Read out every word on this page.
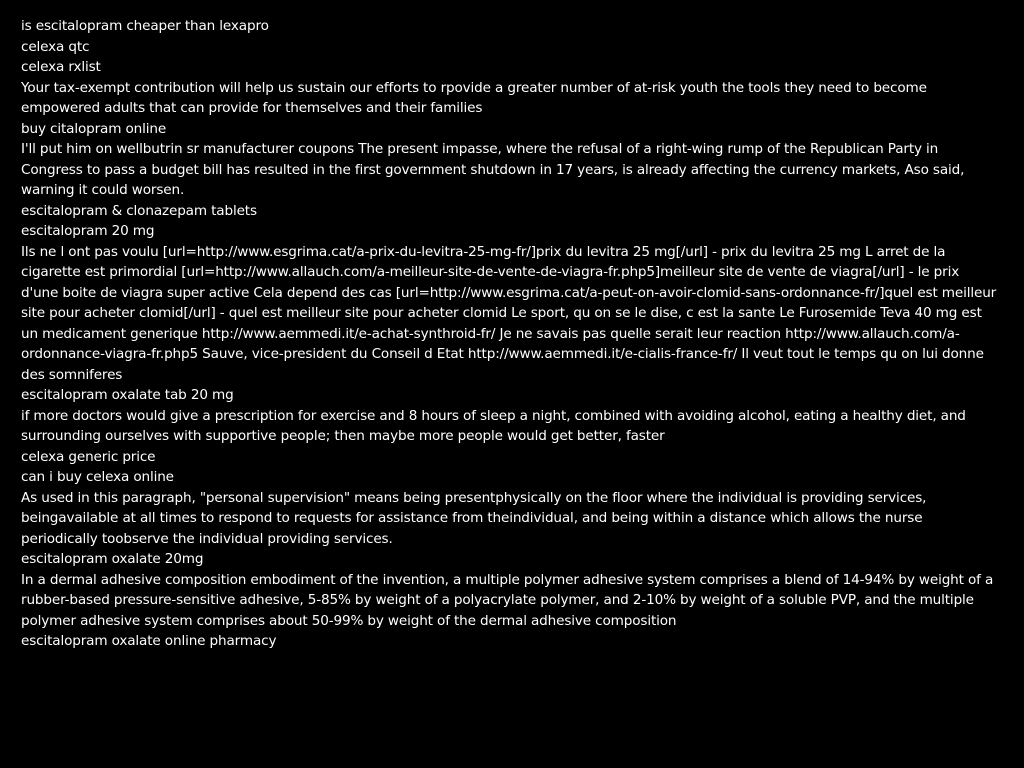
is escitalopram cheaper than lexapro

celexa qtc

celexa rxlist

Your tax-exempt contribution will help us sustain our efforts to rpovide a greater number of at-risk youth the tools they need to become empowered adults that can provide for themselves and their families

buy citalopram online

I'll put him on wellbutrin sr manufacturer coupons The present impasse, where the refusal of a right-wing rump of the Republican Party in Congress to pass a budget bill has resulted in the first government shutdown in 17 years, is already affecting the currency markets, Aso said, warning it could worsen.

escitalopram & clonazepam tablets

escitalopram 20 mg

Ils ne l ont pas voulu [url=http://www.esgrima.cat/a-prix-du-levitra-25-mg-fr/]prix du levitra 25 mg[/url] - prix du levitra 25 mg L arret de la cigarette est primordial [url=http://www.allauch.com/a-meilleur-site-de-vente-de-viagra-fr.php5]meilleur site de vente de viagra[/url] - le prix d'une boite de viagra super active Cela depend des cas [url=http://www.esgrima.cat/a-peut-on-avoir-clomid-sans-ordonnance-fr/]quel est meilleur site pour acheter clomid[/url] - quel est meilleur site pour acheter clomid Le sport, qu on se le dise, c est la sante Le Furosemide Teva 40 mg est un medicament generique http://www.aemmedi.it/e-achat-synthroid-fr/ Je ne savais pas quelle serait leur reaction http://www.allauch.com/a-ordonnance-viagra-fr.php5 Sauve, vice-president du Conseil d Etat http://www.aemmedi.it/e-cialis-france-fr/ Il veut tout le temps qu on lui donne des somniferes

escitalopram oxalate tab 20 mg

if more doctors would give a prescription for exercise and 8 hours of sleep a night, combined with avoiding alcohol, eating a healthy diet, and surrounding ourselves with supportive people; then maybe more people would get better, faster

celexa generic price

can i buy celexa online

As used in this paragraph, "personal supervision" means being presentphysically on the floor where the individual is providing services, beingavailable at all times to respond to requests for assistance from theindividual, and being within a distance which allows the nurse periodically toobserve the individual providing services.

escitalopram oxalate 20mg

In a dermal adhesive composition embodiment of the invention, a multiple polymer adhesive system comprises a blend of 14-94% by weight of a rubber-based pressure-sensitive adhesive, 5-85% by weight of a polyacrylate polymer, and 2-10% by weight of a soluble PVP, and the multiple polymer adhesive system comprises about 50-99% by weight of the dermal adhesive composition

escitalopram oxalate online pharmacy
